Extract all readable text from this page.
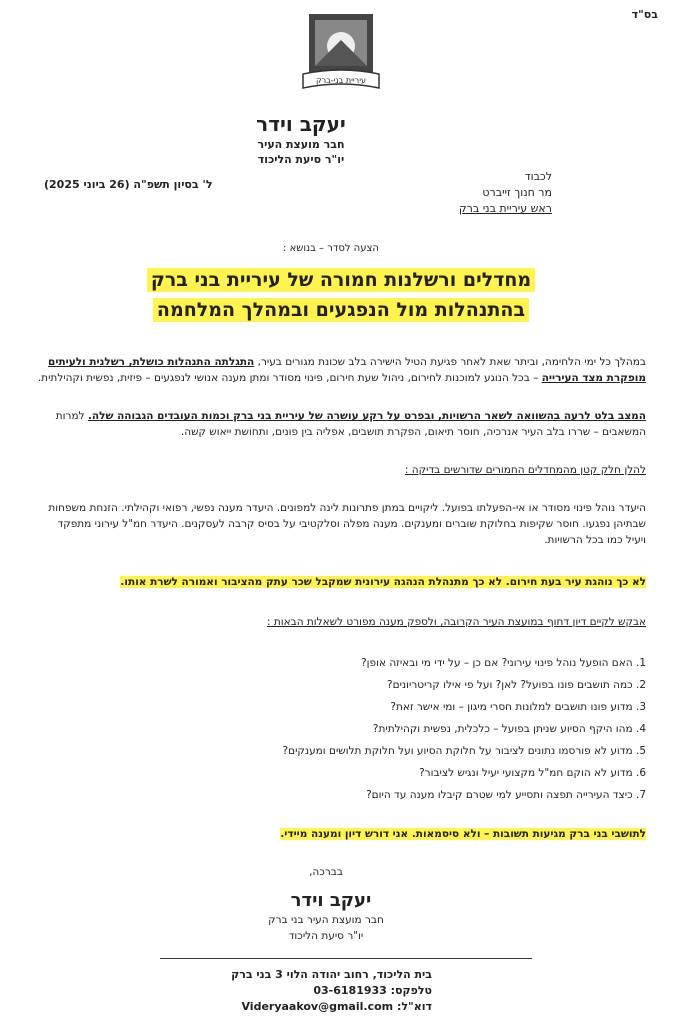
בס"ד
עיריית בני-ברק
יעקב וידר
חבר מועצת העיר
יו"ר סיעת הליכוד
ל' בסיון תשפ"ה (26 ביוני 2025)
לכבוד
מר חנוך זייברט
ראש עיריית בני ברק
הצעה לסדר – בנושא :
מחדלים ורשלנות חמורה של עיריית בני ברק
בהתנהלות מול הנפגעים ובמהלך המלחמה
במהלך כל ימי הלחימה, וביתר שאת לאחר פגיעת הטיל הישירה בלב שכונת מגורים בעיר, התגלתה התנהלות כושלת, רשלנית ולעיתים מופקרת מצד העירייה – בכל הנוגע למוכנות לחירום, ניהול שעת חירום, פינוי מסודר ומתן מענה אנושי לנפגעים – פיזית, נפשית וקהילתית.
המצב בלט לרעה בהשוואה לשאר הרשויות, ובפרט על רקע עושרה של עיריית בני ברק וכמות העובדים הגבוהה שלה. למרות המשאבים – שררו בלב העיר אנרכיה, חוסר תיאום, הפקרת תושבים, אפליה בין פונים, ותחושת ייאוש קשה.
להלן חלק קטן מהמחדלים החמורים שדורשים בדיקה :
היעדר נוהל פינוי מסודר או אי-הפעלתו בפועל. ליקויים במתן פתרונות לינה למפונים. היעדר מענה נפשי, רפואי וקהילתי. הזנחת משפחות שבתיהן נפגעו. חוסר שקיפות בחלוקת שוברים ומענקים. מענה מפלה וסלקטיבי על בסיס קרבה לעסקנים. היעדר חמ"ל עירוני מתפקד ויעיל כמו בכל הרשויות.
לא כך נוהגת עיר בעת חירום. לא כך מתנהלת הנהגה עירונית שמקבל שכר עתק מהציבור ואמורה לשרת אותו.
אבקש לקיים דיון דחוף במועצת העיר הקרובה, ולספק מענה מפורט לשאלות הבאות :
1. האם הופעל נוהל פינוי עירוני? אם כן – על ידי מי ובאיזה אופן?
2. כמה תושבים פונו בפועל? לאן? ועל פי אילו קריטריונים?
3. מדוע פונו תושבים למלונות חסרי מיגון – ומי אישר זאת?
4. מהו היקף הסיוע שניתן בפועל – כלכלית, נפשית וקהילתית?
5. מדוע לא פורסמו נתונים לציבור על חלוקת הסיוע ועל חלוקת תלושים ומענקים?
6. מדוע לא הוקם חמ"ל מקצועי יעיל ונגיש לציבור?
7. כיצד העירייה תפצה ותסייע למי שטרם קיבלו מענה עד היום?
לתושבי בני ברק מגיעות תשובות – ולא סיסמאות. אני דורש דיון ומענה מיידי.
בברכה,
יעקב וידר
חבר מועצת העיר בני ברק
יו"ר סיעת הליכוד
בית הליכוד, רחוב יהודה הלוי 3 בני ברק
טלפקס: 03-6181933
דוא"ל: Videryaakov@gmail.com
